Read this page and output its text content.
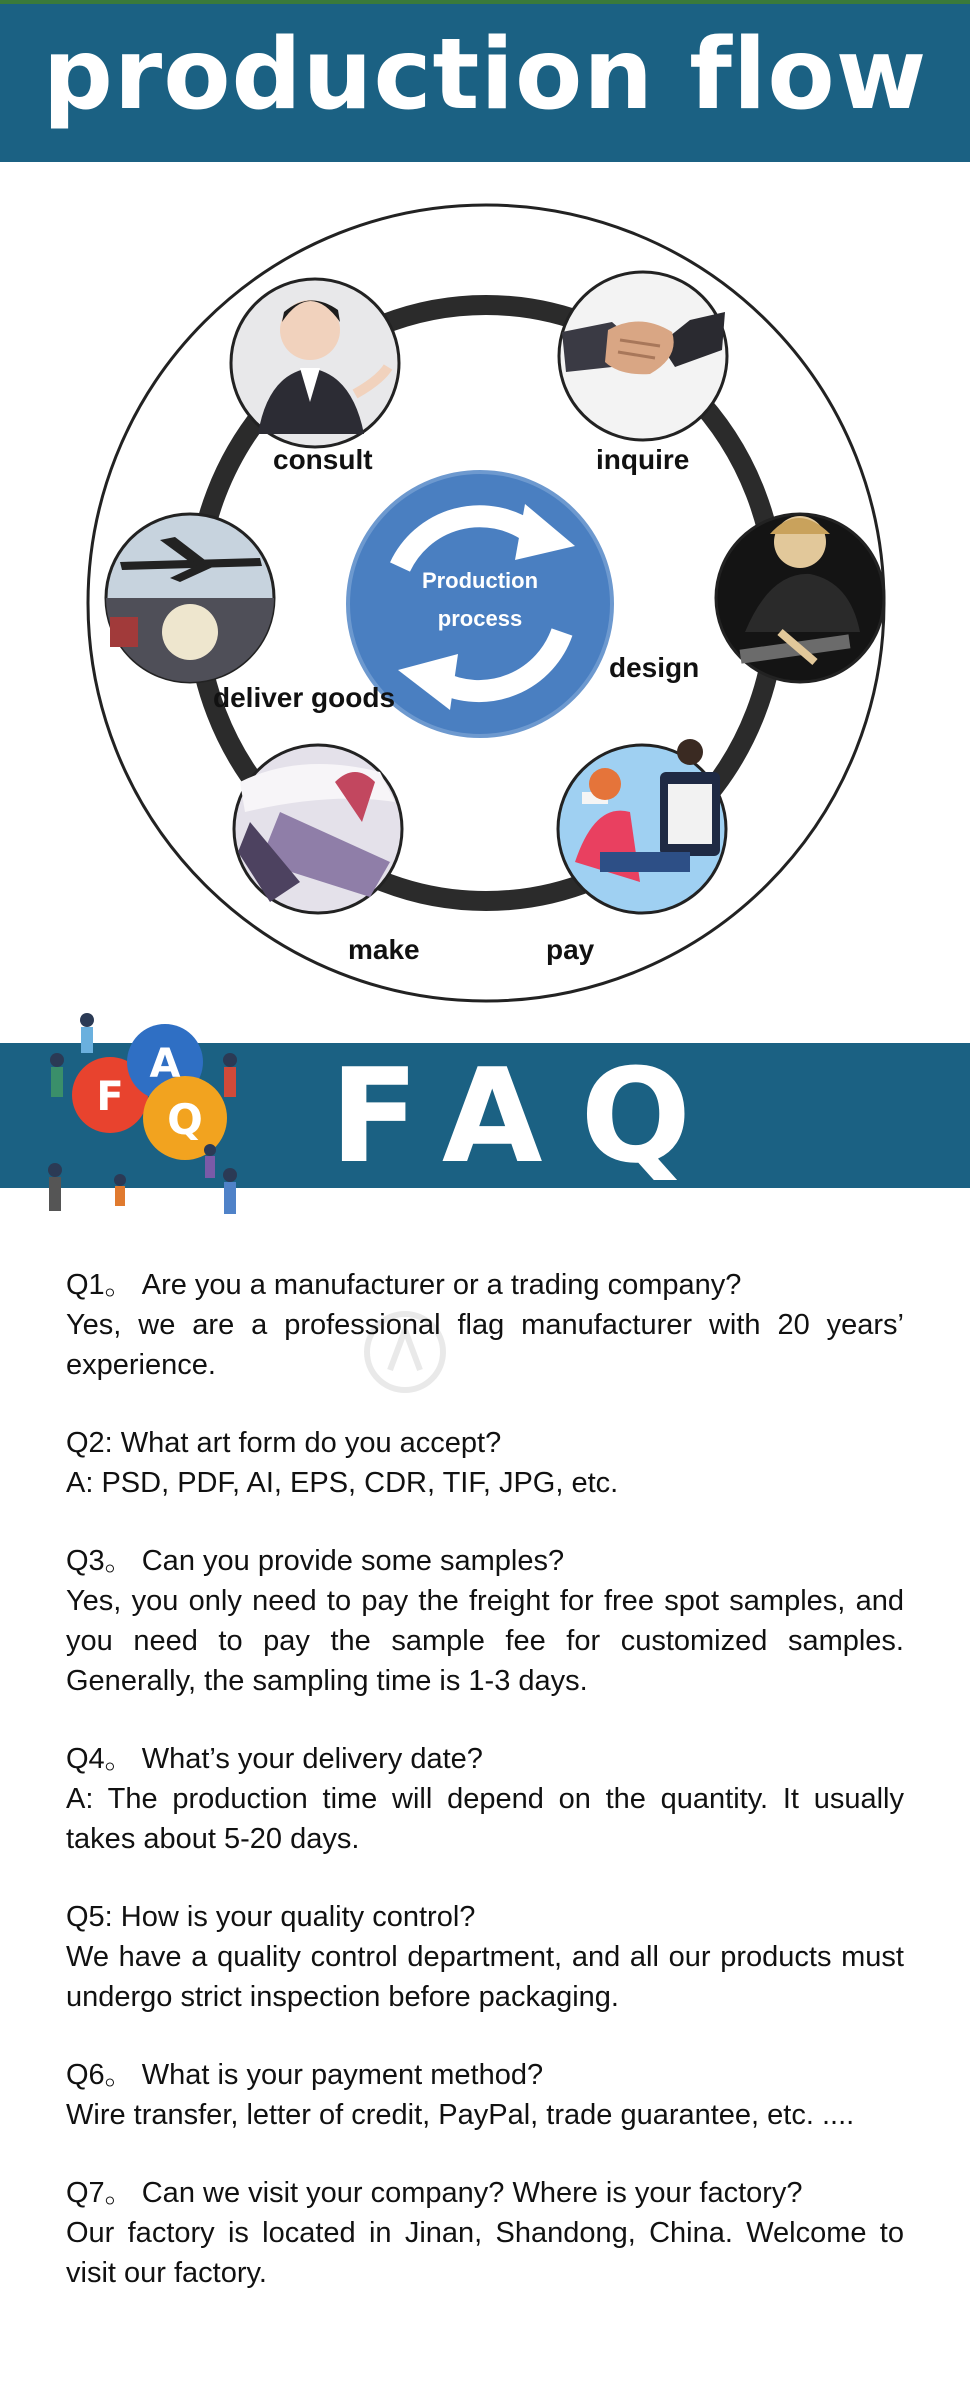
production flow
consult	inquire
design
pay
make
deliver goods
Production
process
FAQ
F
A
Q
Q1。 Are you a manufacturer or a trading company?
Yes, we are a professional flag manufacturer with 20 years’ experience.
Q2: What art form do you accept?
A: PSD, PDF, AI, EPS, CDR, TIF, JPG, etc.
Q3。 Can you provide some samples?
Yes, you only need to pay the freight for free spot samples, and you need to pay the sample fee for customized samples. Generally, the sampling time is 1-3 days.
Q4。 What’s your delivery date?
A: The production time will depend on the quantity. It usually takes about 5-20 days.
Q5: How is your quality control?
We have a quality control department, and all our products must undergo strict inspection before packaging.
Q6。 What is your payment method?
Wire transfer, letter of credit, PayPal, trade guarantee, etc. ....
Q7。 Can we visit your company? Where is your factory?
Our factory is located in Jinan, Shandong, China. Welcome to visit our factory.
